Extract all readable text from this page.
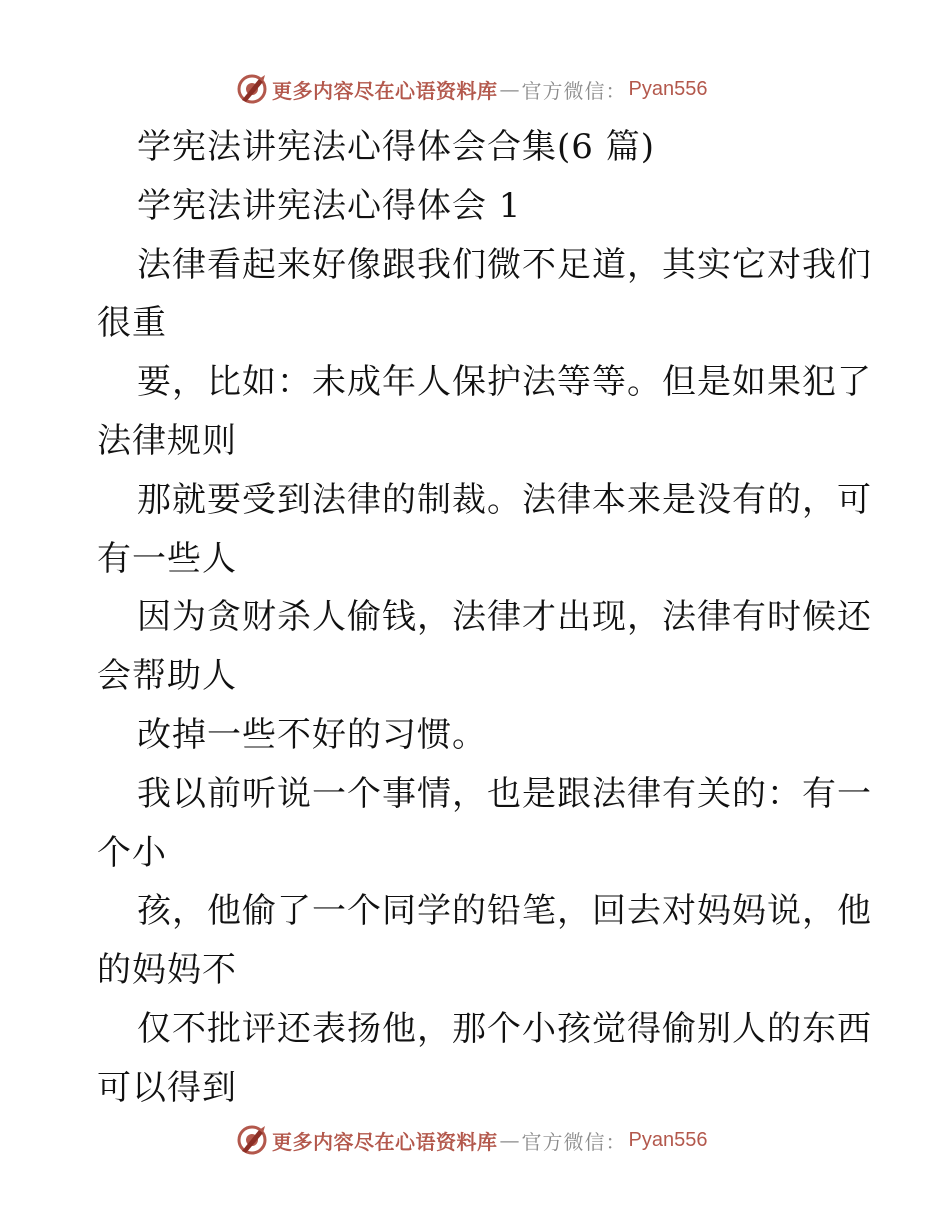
更多内容尽在心语资料库 — 官方微信： Pyan556
学宪法讲宪法心得体会合集(6 篇)
学宪法讲宪法心得体会 1
法律看起来好像跟我们微不足道，其实它对我们
很重
要，比如：未成年人保护法等等。但是如果犯了
法律规则
那就要受到法律的制裁。法律本来是没有的，可
有一些人
因为贪财杀人偷钱，法律才出现，法律有时候还
会帮助人
改掉一些不好的习惯。
我以前听说一个事情，也是跟法律有关的：有一
个小
孩，他偷了一个同学的铅笔，回去对妈妈说，他
的妈妈不
仅不批评还表扬他，那个小孩觉得偷别人的东西
可以得到
更多内容尽在心语资料库 — 官方微信： Pyan556
